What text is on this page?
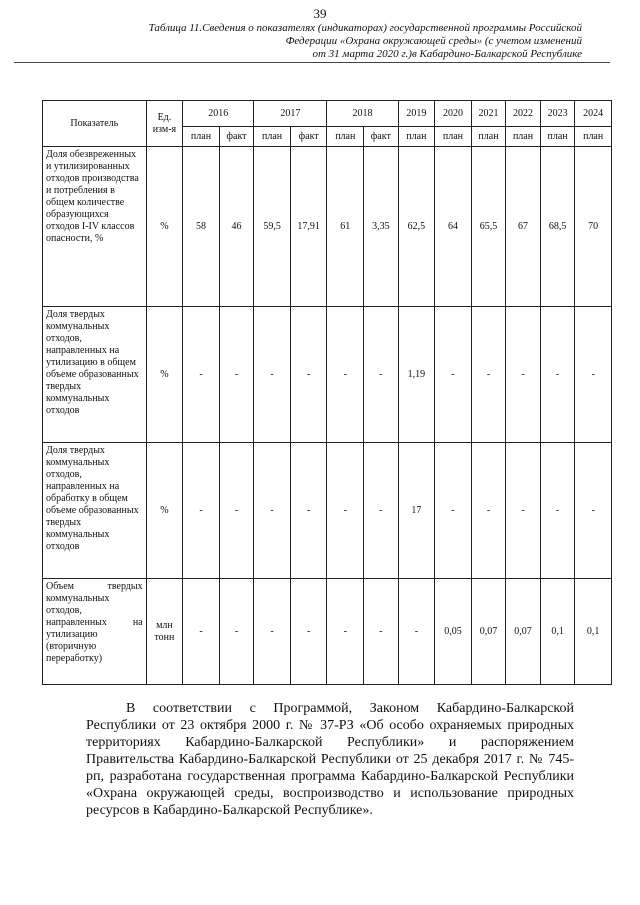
39
Таблица 11.Сведения о показателях (индикаторах) государственной программы Российской
Федерации «Охрана окружающей среды» (с учетом изменений
от 31 марта 2020 г.)в Кабардино-Балкарской Республике
Показатель	Ед. изм-я	2016		2017		2018		2019	2020	2021	2022	2023	2024
		план	факт	план	факт	план	факт	план	план	план	план	план	план
Доля обезвреженных и утилизированных отходов производства и потребления в общем количестве образующихся отходов I-IV классов опасности, %	%	58	46	59,5	17,91	61	3,35	62,5	64	65,5	67	68,5	70
Доля твердых коммунальных отходов, направленных на утилизацию в общем объеме образованных твердых коммунальных отходов	%	-	-	-	-	-	-	1,19	-	-	-	-	-
Доля твердых коммунальных отходов, направленных на обработку в общем объеме образованных твердых коммунальных отходов	%	-	-	-	-	-	-	17	-	-	-	-	-
Объем твердых коммунальных отходов, направленных на утилизацию (вторичную переработку)	млн тонн	-	-	-	-	-	-	-	0,05	0,07	0,07	0,1	0,1
В соответствии с Программой, Законом Кабардино-Балкарской Республики от 23 октября 2000 г. № 37-РЗ «Об особо охраняемых природных территориях Кабардино-Балкарской Республики» и распоряжением Правительства Кабардино-Балкарской Республики от 25 декабря 2017 г. № 745-рп, разработана государственная программа Кабардино-Балкарской Республики «Охрана окружающей среды, воспроизводство и использование природных ресурсов в Кабардино-Балкарской Республике».
